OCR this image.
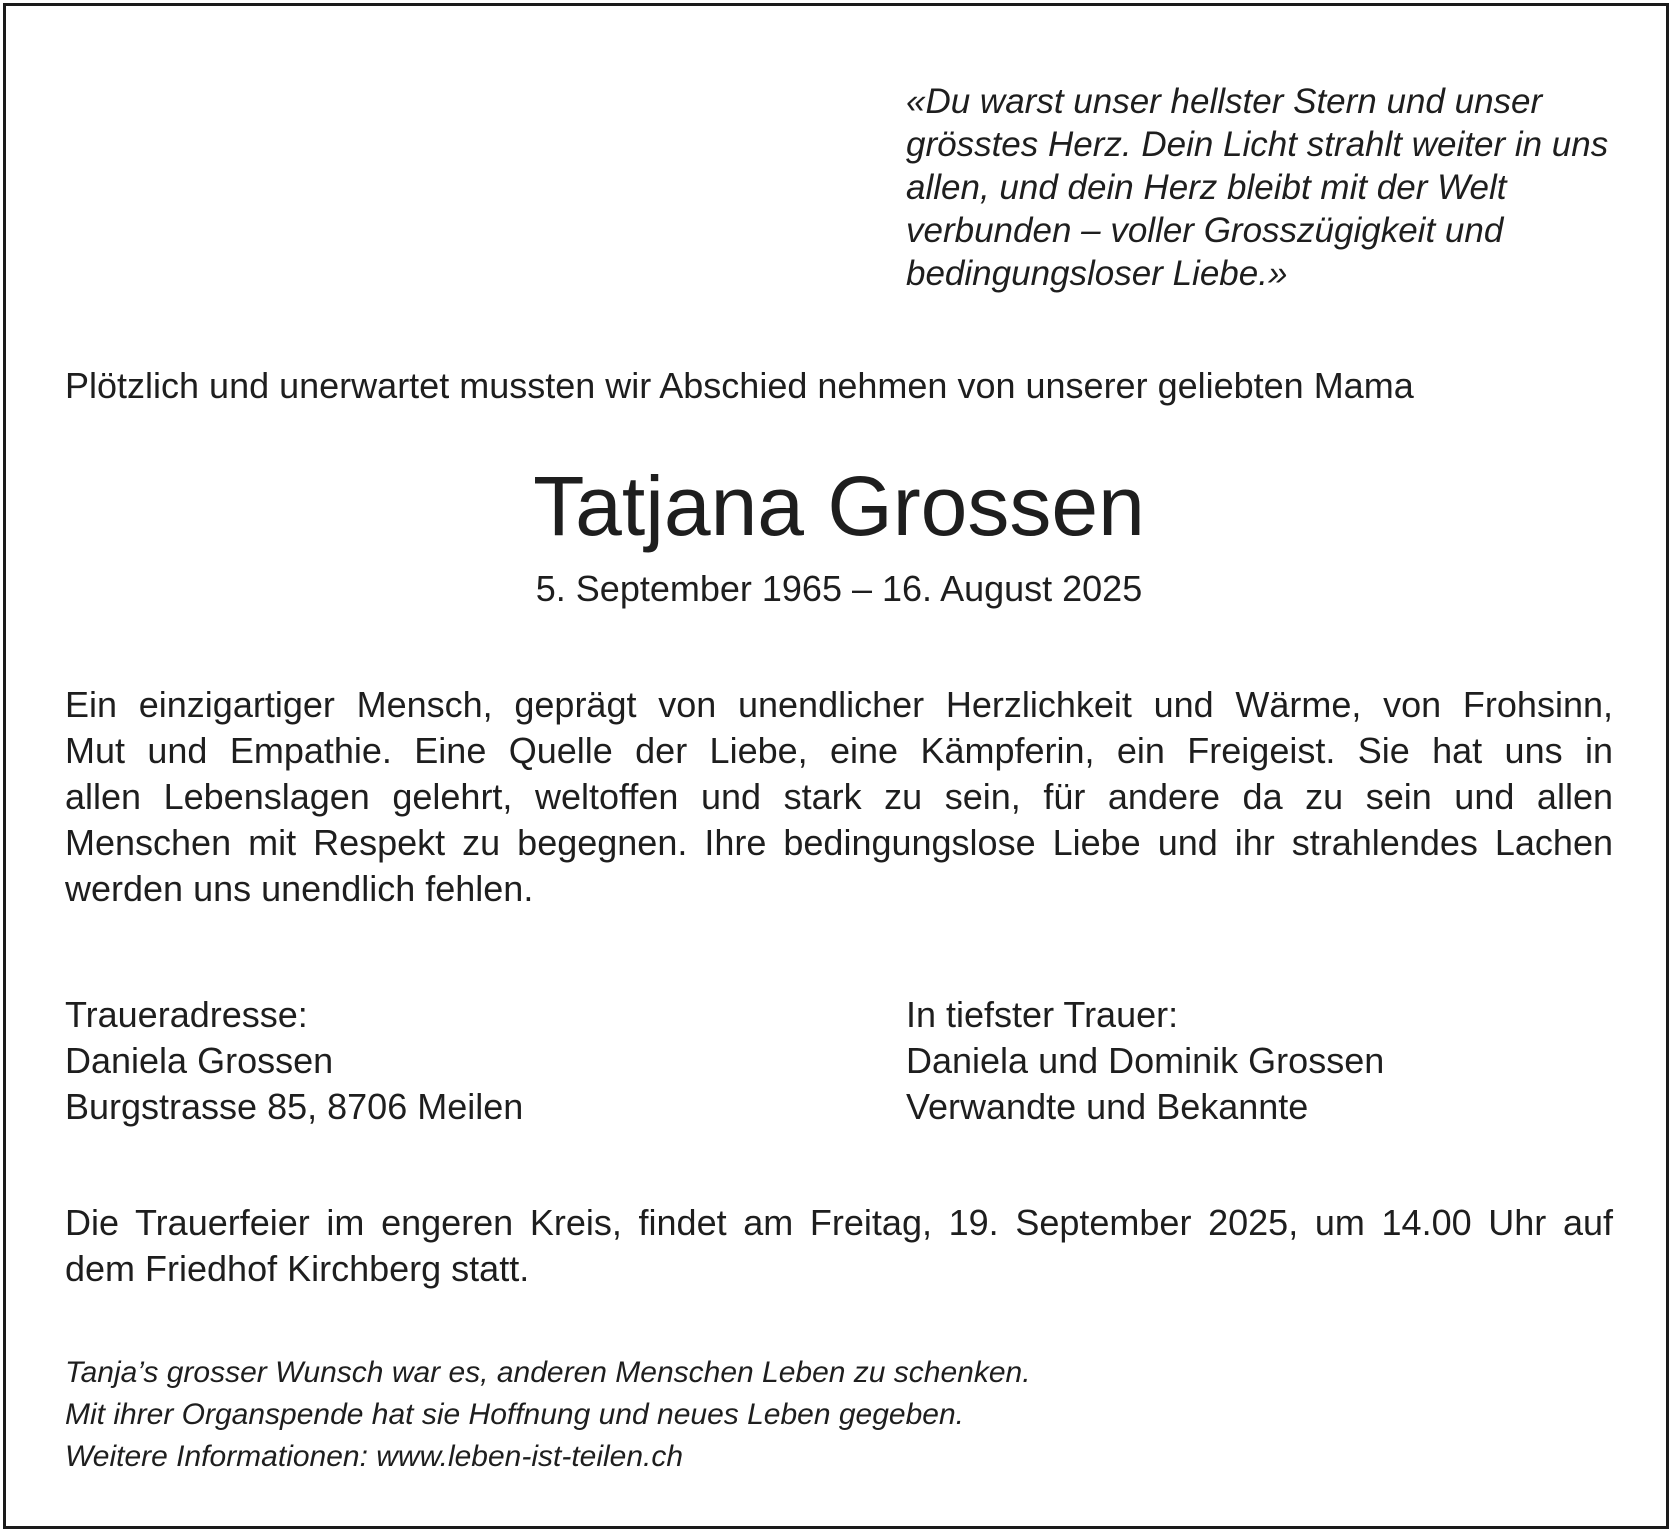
«Du warst unser hellster Stern und unser
grösstes Herz. Dein Licht strahlt weiter in uns
allen, und dein Herz bleibt mit der Welt
verbunden – voller Grosszügigkeit und
bedingungsloser Liebe.»

Plötzlich und unerwartet mussten wir Abschied nehmen von unserer geliebten Mama

Tatjana Grossen

5. September 1965 – 16. August 2025

Ein einzigartiger Mensch, geprägt von unendlicher Herzlichkeit und Wärme, von Frohsinn,
Mut und Empathie. Eine Quelle der Liebe, eine Kämpferin, ein Freigeist. Sie hat uns in
allen Lebenslagen gelehrt, weltoffen und stark zu sein, für andere da zu sein und allen
Menschen mit Respekt zu begegnen. Ihre bedingungslose Liebe und ihr strahlendes Lachen
werden uns unendlich fehlen.
Traueradresse:
Daniela Grossen
Burgstrasse 85, 8706 Meilen
In tiefster Trauer:
Daniela und Dominik Grossen
Verwandte und Bekannte
Die Trauerfeier im engeren Kreis, findet am Freitag, 19. September 2025, um 14.00 Uhr auf
dem Friedhof Kirchberg statt.
Tanja’s grosser Wunsch war es, anderen Menschen Leben zu schenken.
Mit ihrer Organspende hat sie Hoffnung und neues Leben gegeben.
Weitere Informationen: www.leben-ist-teilen.ch
